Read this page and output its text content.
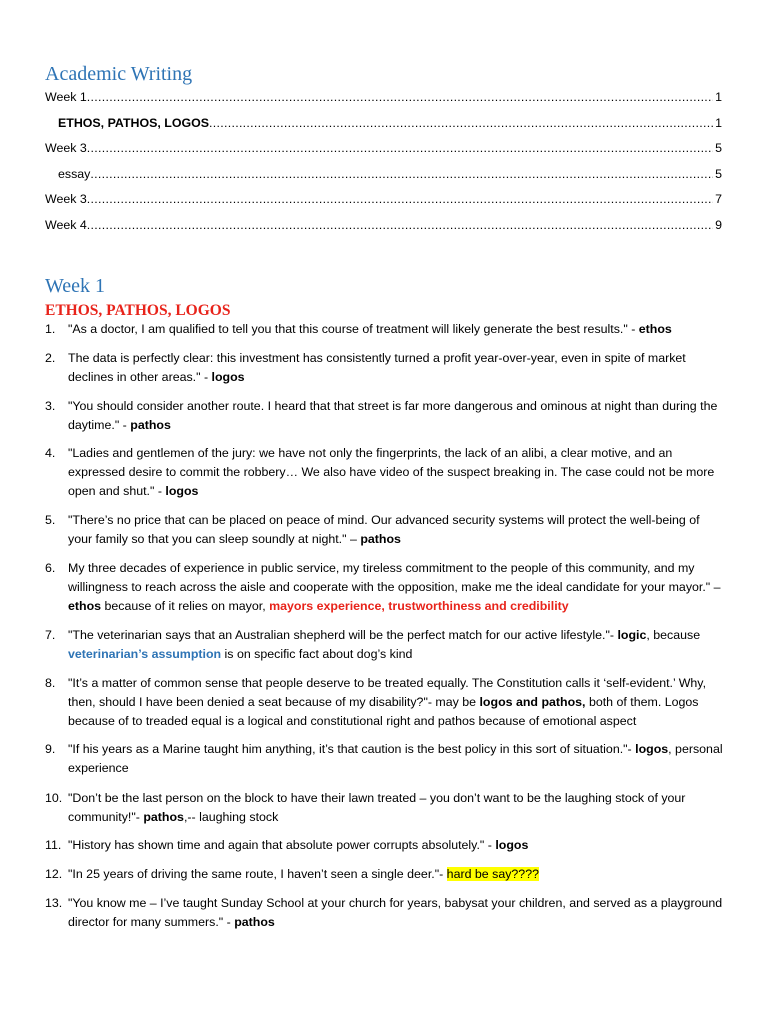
Academic Writing
Week 1 .....	1
ETHOS, PATHOS, LOGOS .....	1
Week 3 .....	5
essay .....	5
Week 3 .....	7
Week 4 .....	9
Week 1
ETHOS, PATHOS, LOGOS
1. "As a doctor, I am qualified to tell you that this course of treatment will likely generate the best results." - ethos
2. The data is perfectly clear: this investment has consistently turned a profit year-over-year, even in spite of market declines in other areas." - logos
3. "You should consider another route. I heard that that street is far more dangerous and ominous at night than during the daytime." - pathos
4. "Ladies and gentlemen of the jury: we have not only the fingerprints, the lack of an alibi, a clear motive, and an expressed desire to commit the robbery… We also have video of the suspect breaking in. The case could not be more open and shut." - logos
5. "There’s no price that can be placed on peace of mind. Our advanced security systems will protect the well-being of your family so that you can sleep soundly at night." – pathos
6. My three decades of experience in public service, my tireless commitment to the people of this community, and my willingness to reach across the aisle and cooperate with the opposition, make me the ideal candidate for your mayor." – ethos because of it relies on mayor, mayors experience, trustworthiness and credibility
7. "The veterinarian says that an Australian shepherd will be the perfect match for our active lifestyle."- logic, because veterinarian’s assumption is on specific fact about dog’s kind
8. "It’s a matter of common sense that people deserve to be treated equally. The Constitution calls it ‘self-evident.’ Why, then, should I have been denied a seat because of my disability?"- may be logos and pathos, both of them. Logos because of to treaded equal is a logical and constitutional right and pathos because of emotional aspect
9. "If his years as a Marine taught him anything, it’s that caution is the best policy in this sort of situation."- logos, personal experience
10. "Don’t be the last person on the block to have their lawn treated – you don’t want to be the laughing stock of your community!"- pathos,-- laughing stock
11. "History has shown time and again that absolute power corrupts absolutely." - logos
12. "In 25 years of driving the same route, I haven’t seen a single deer."- hard be say????
13. "You know me – I’ve taught Sunday School at your church for years, babysat your children, and served as a playground director for many summers." - pathos
